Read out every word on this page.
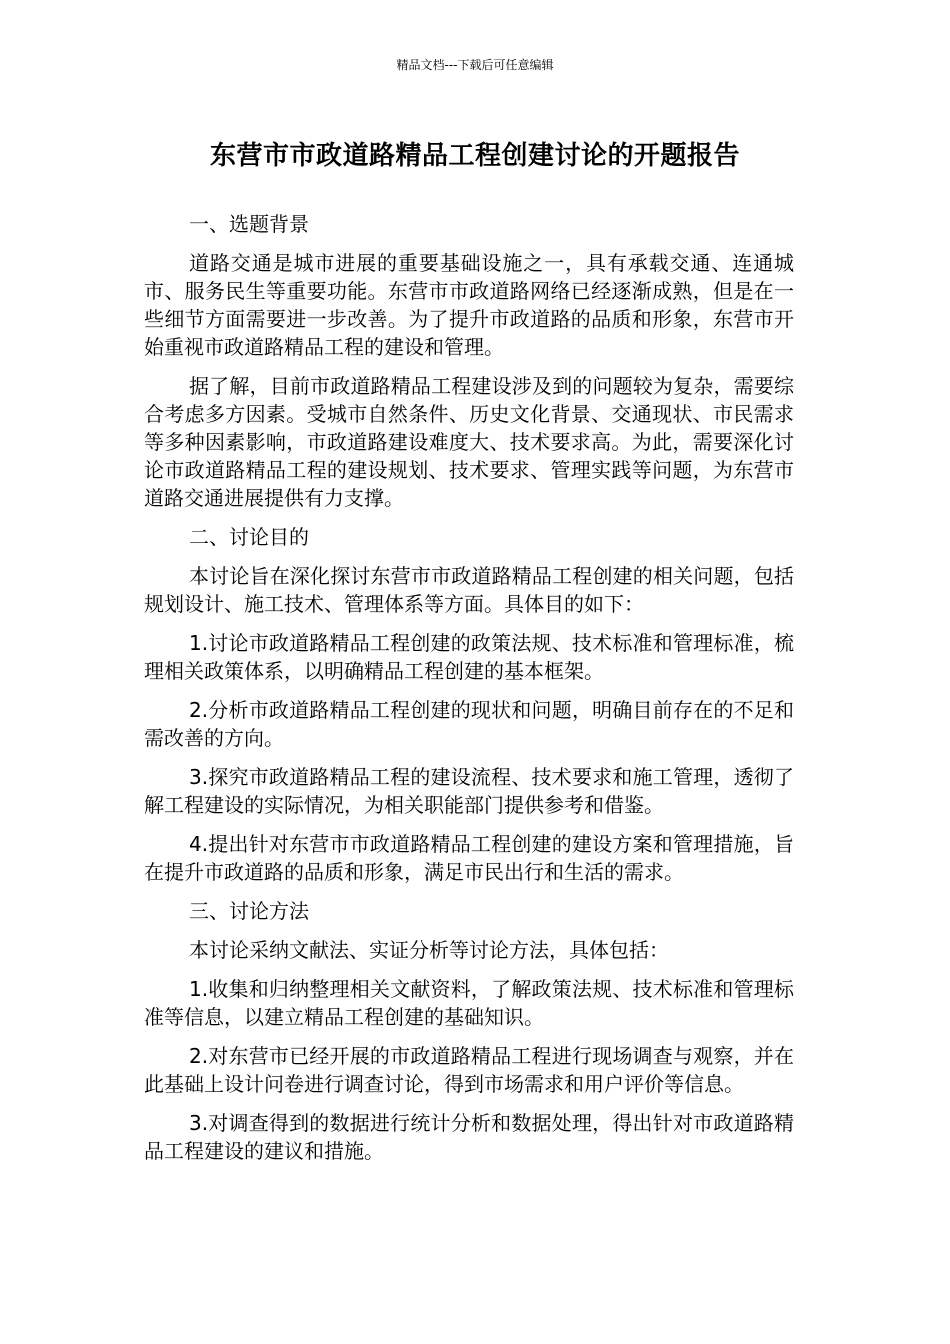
精品文档---下载后可任意编辑
东营市市政道路精品工程创建讨论的开题报告

一、选题背景

道路交通是城市进展的重要基础设施之一，具有承载交通、连通城市、服务民生等重要功能。东营市市政道路网络已经逐渐成熟，但是在一些细节方面需要进一步改善。为了提升市政道路的品质和形象，东营市开始重视市政道路精品工程的建设和管理。

据了解，目前市政道路精品工程建设涉及到的问题较为复杂，需要综合考虑多方因素。受城市自然条件、历史文化背景、交通现状、市民需求等多种因素影响，市政道路建设难度大、技术要求高。为此，需要深化讨论市政道路精品工程的建设规划、技术要求、管理实践等问题，为东营市道路交通进展提供有力支撑。

二、讨论目的

本讨论旨在深化探讨东营市市政道路精品工程创建的相关问题，包括规划设计、施工技术、管理体系等方面。具体目的如下：

1.讨论市政道路精品工程创建的政策法规、技术标准和管理标准，梳理相关政策体系，以明确精品工程创建的基本框架。

2.分析市政道路精品工程创建的现状和问题，明确目前存在的不足和需改善的方向。

3.探究市政道路精品工程的建设流程、技术要求和施工管理，透彻了解工程建设的实际情况，为相关职能部门提供参考和借鉴。

4.提出针对东营市市政道路精品工程创建的建设方案和管理措施，旨在提升市政道路的品质和形象，满足市民出行和生活的需求。

三、讨论方法

本讨论采纳文献法、实证分析等讨论方法，具体包括：

1.收集和归纳整理相关文献资料，了解政策法规、技术标准和管理标准等信息，以建立精品工程创建的基础知识。

2.对东营市已经开展的市政道路精品工程进行现场调查与观察，并在此基础上设计问卷进行调查讨论，得到市场需求和用户评价等信息。

3.对调查得到的数据进行统计分析和数据处理，得出针对市政道路精品工程建设的建议和措施。
